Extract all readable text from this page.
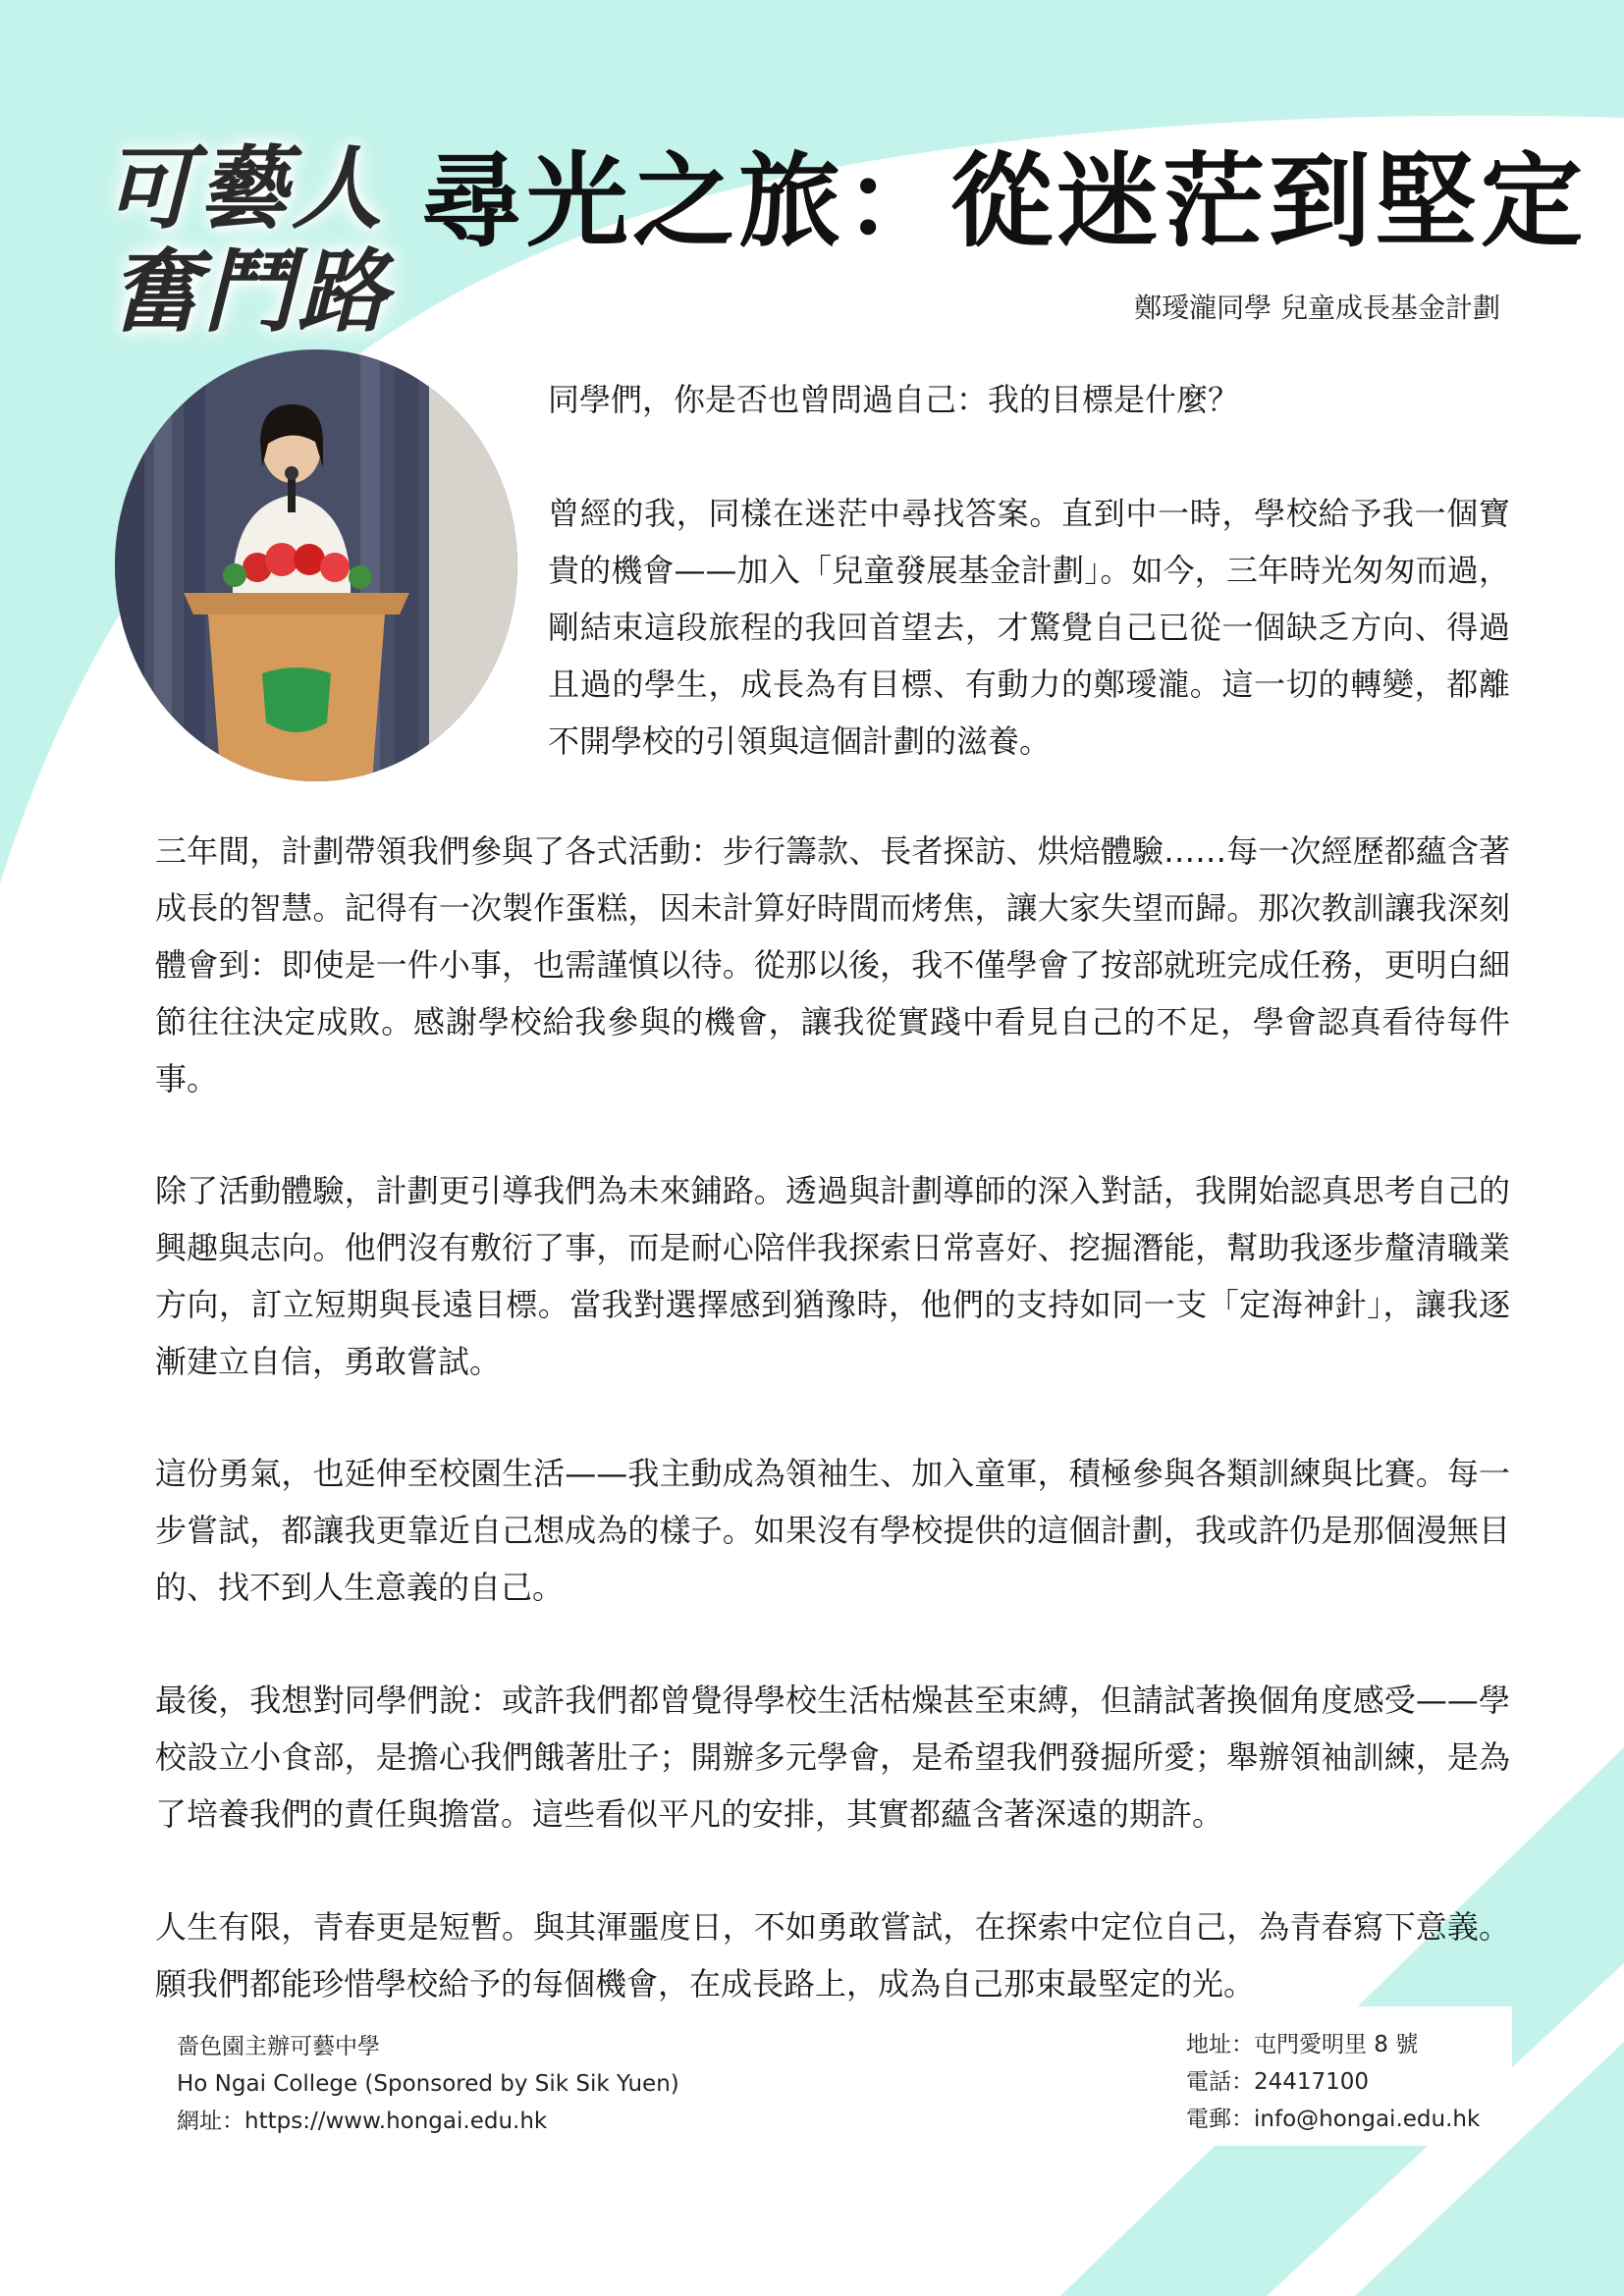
可藝人
奮鬥路
尋光之旅：從迷茫到堅定
鄭璦瀧同學 兒童成長基金計劃

同學們，你是否也曾問過自己：我的目標是什麼？

曾經的我，同樣在迷茫中尋找答案。直到中一時，學校給予我一個寶貴的機會——加入「兒童發展基金計劃」。如今，三年時光匆匆而過，剛結束這段旅程的我回首望去，才驚覺自己已從一個缺乏方向、得過且過的學生，成長為有目標、有動力的鄭璦瀧。這一切的轉變，都離不開學校的引領與這個計劃的滋養。

三年間，計劃帶領我們參與了各式活動：步行籌款、長者探訪、烘焙體驗……每一次經歷都蘊含著成長的智慧。記得有一次製作蛋糕，因未計算好時間而烤焦，讓大家失望而歸。那次教訓讓我深刻體會到：即使是一件小事，也需謹慎以待。從那以後，我不僅學會了按部就班完成任務，更明白細節往往決定成敗。感謝學校給我參與的機會，讓我從實踐中看見自己的不足，學會認真看待每件事。

除了活動體驗，計劃更引導我們為未來鋪路。透過與計劃導師的深入對話，我開始認真思考自己的興趣與志向。他們沒有敷衍了事，而是耐心陪伴我探索日常喜好、挖掘潛能，幫助我逐步釐清職業方向，訂立短期與長遠目標。當我對選擇感到猶豫時，他們的支持如同一支「定海神針」，讓我逐漸建立自信，勇敢嘗試。

這份勇氣，也延伸至校園生活——我主動成為領袖生、加入童軍，積極參與各類訓練與比賽。每一步嘗試，都讓我更靠近自己想成為的樣子。如果沒有學校提供的這個計劃，我或許仍是那個漫無目的、找不到人生意義的自己。

最後，我想對同學們說：或許我們都曾覺得學校生活枯燥甚至束縛，但請試著換個角度感受——學校設立小食部，是擔心我們餓著肚子；開辦多元學會，是希望我們發掘所愛；舉辦領袖訓練，是為了培養我們的責任與擔當。這些看似平凡的安排，其實都蘊含著深遠的期許。

人生有限，青春更是短暫。與其渾噩度日，不如勇敢嘗試，在探索中定位自己，為青春寫下意義。願我們都能珍惜學校給予的每個機會，在成長路上，成為自己那束最堅定的光。

嗇色園主辦可藝中學
Ho Ngai College (Sponsored by Sik Sik Yuen)
網址：https://www.hongai.edu.hk
地址：屯門愛明里 8 號
電話：24417100
電郵：info@hongai.edu.hk
